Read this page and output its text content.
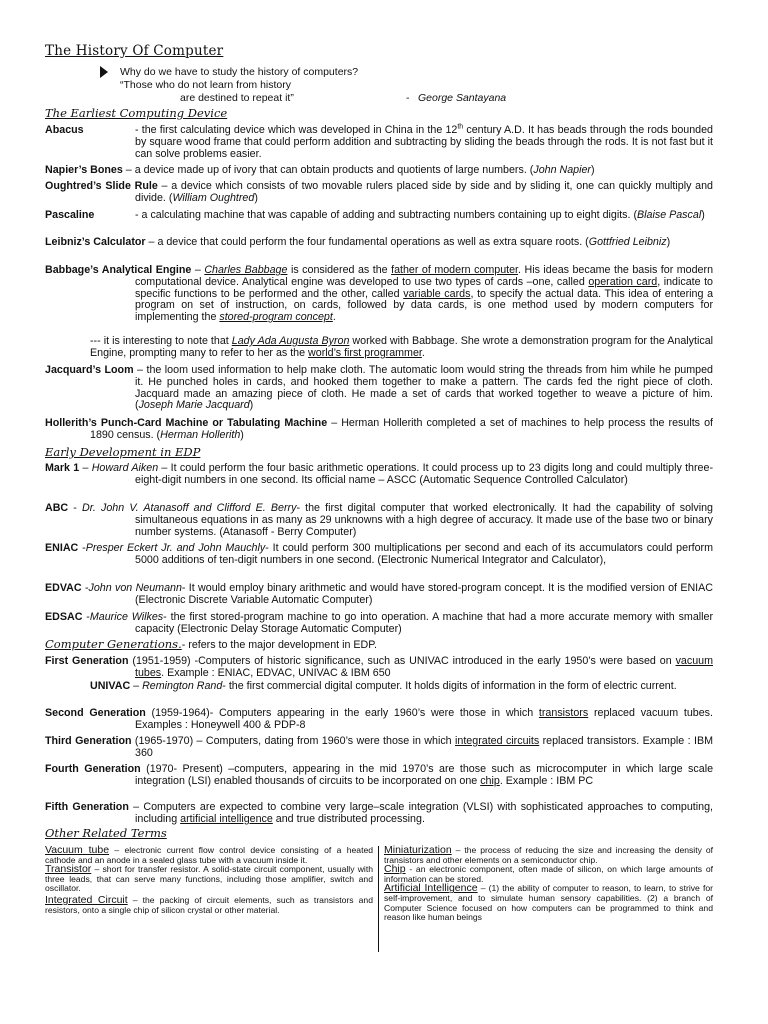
The History Of Computer
Why do we have to study the history of computers?
“Those who do not learn from history
are destined to repeat it”	- George Santayana
The Earliest Computing Device
Abacus	- the first calculating device which was developed in China in the 12th century A.D. It has beads through the rods bounded by square wood frame that could perform addition and subtracting by sliding the beads through the rods. It is not fast but it can solve problems easier.
Napier’s Bones – a device made up of ivory that can obtain products and quotients of large numbers. (John Napier)
Oughtred’s Slide Rule – a device which consists of two movable rulers placed side by side and by sliding it, one can quickly multiply and divide. (William Oughtred)
Pascaline	- a calculating machine that was capable of adding and subtracting numbers containing up to eight digits. (Blaise Pascal)
Leibniz’s Calculator – a device that could perform the four fundamental operations as well as extra square roots. (Gottfried Leibniz)
Babbage’s Analytical Engine – Charles Babbage is considered as the father of modern computer. His ideas became the basis for modern computational device. Analytical engine was developed to use two types of cards –one, called operation card, indicate to specific functions to be performed and the other, called variable cards, to specify the actual data. This idea of entering a program on set of instruction, on cards, followed by data cards, is one method used by modern computers for implementing the stored-program concept.
--- it is interesting to note that Lady Ada Augusta Byron worked with Babbage. She wrote a demonstration program for the Analytical Engine, prompting many to refer to her as the world’s first programmer.
Jacquard’s Loom – the loom used information to help make cloth. The automatic loom would string the threads from him while he pumped it. He punched holes in cards, and hooked them together to make a pattern. The cards fed the right piece of cloth. Jacquard made an amazing piece of cloth. He made a set of cards that worked together to weave a picture of him. (Joseph Marie Jacquard)
Hollerith’s Punch-Card Machine or Tabulating Machine – Herman Hollerith completed a set of machines to help process the results of 1890 census. (Herman Hollerith)
Early Development in EDP
Mark 1 – Howard Aiken – It could perform the four basic arithmetic operations. It could process up to 23 digits long and could multiply three-eight-digit numbers in one second. Its official name – ASCC (Automatic Sequence Controlled Calculator)
ABC - Dr. John V. Atanasoff and Clifford E. Berry- the first digital computer that worked electronically. It had the capability of solving simultaneous equations in as many as 29 unknowns with a high degree of accuracy. It made use of the base two or binary number systems. (Atanasoff - Berry Computer)
ENIAC -Presper Eckert Jr. and John Mauchly- It could perform 300 multiplications per second and each of its accumulators could perform 5000 additions of ten-digit numbers in one second. (Electronic Numerical Integrator and Calculator),
EDVAC -John von Neumann- It would employ binary arithmetic and would have stored-program concept. It is the modified version of ENIAC (Electronic Discrete Variable Automatic Computer)
EDSAC -Maurice Wilkes- the first stored-program machine to go into operation. A machine that had a more accurate memory with smaller capacity (Electronic Delay Storage Automatic Computer)
Computer Generations.- refers to the major development in EDP.
First Generation (1951-1959) -Computers of historic significance, such as UNIVAC introduced in the early 1950’s were based on vacuum tubes. Example : ENIAC, EDVAC, UNIVAC & IBM 650
UNIVAC – Remington Rand- the first commercial digital computer. It holds digits of information in the form of electric current.
Second Generation (1959-1964)- Computers appearing in the early 1960’s were those in which transistors replaced vacuum tubes. Examples : Honeywell 400 & PDP-8
Third Generation (1965-1970) – Computers, dating from 1960’s were those in which integrated circuits replaced transistors. Example : IBM 360
Fourth Generation (1970- Present) –computers, appearing in the mid 1970’s are those such as microcomputer in which large scale integration (LSI) enabled thousands of circuits to be incorporated on one chip. Example : IBM PC
Fifth Generation – Computers are expected to combine very large–scale integration (VLSI) with sophisticated approaches to computing, including artificial intelligence and true distributed processing.
Other Related Terms
Vacuum tube – electronic current flow control device consisting of a heated cathode and an anode in a sealed glass tube with a vacuum inside it.
Transistor – short for transfer resistor. A solid-state circuit component, usually with three leads, that can serve many functions, including those amplifier, switch and oscillator.
Integrated Circuit – the packing of circuit elements, such as transistors and resistors, onto a single chip of silicon crystal or other material.
Miniaturization – the process of reducing the size and increasing the density of transistors and other elements on a semiconductor chip.
Chip - an electronic component, often made of silicon, on which large amounts of information can be stored.
Artificial Intelligence – (1) the ability of computer to reason, to learn, to strive for self-improvement, and to simulate human sensory capabilities. (2) a branch of Computer Science focused on how computers can be programmed to think and reason like human beings
